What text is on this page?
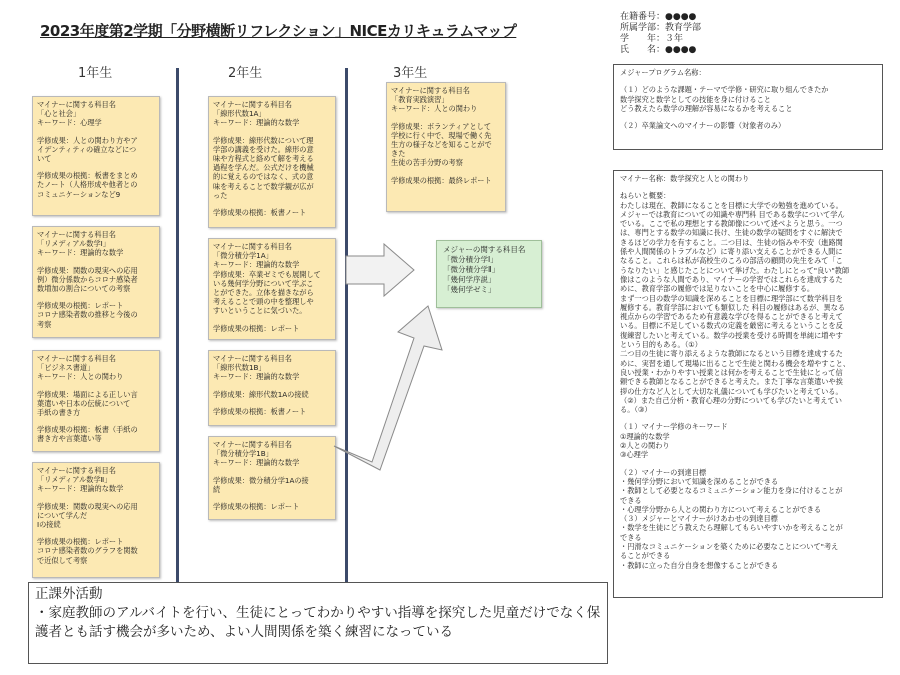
2023年度第2学期「分野横断リフレクション」NICEカリキュラムマップ
在籍番号：●●●●
所属学部：教育学部
学　　年：３年
氏　　名：●●●●
1年生	2年生	3年生
マイナーに関する科目名
「心と社会」
キーワード：心理学
学修成果：人との関わり方やア
イデンティティの確立などにつ
いて
学修成果の根拠：板書をまとめ
たノート（人格形成や他者との
コミュニケーションなど9
マイナーに関する科目名
「リメディアル数学Ⅰ」
キーワード：理論的な数学
学修成果：関数の現実への応用
例）微分係数からコロナ感染者
数増加の割合についての考察
学修成果の根拠：レポート
コロナ感染者数の推移と今後の
考察
マイナーに関する科目名
「ビジネス書道」
キーワード：人との関わり
学修成果：場面による正しい言
葉遣いや日本の伝統について
手紙の書き方
学修成果の根拠：板書（手紙の
書き方や言葉遣い等
マイナーに関する科目名
「リメディアル数学Ⅱ」
キーワード：理論的な数学
学修成果：関数の現実への応用
について学んだ
Ⅰの接続
学修成果の根拠：レポート
コロナ感染者数のグラフを関数
で近似して考察
マイナーに関する科目名
「線形代数1A」
キーワード：理論的な数学
学修成果：線形代数について理
学部の講義を受けた。線形の意
味や方程式と絡めて解を考える
過程を学んだ。公式だけを機械
的に覚えるのではなく、式の意
味を考えることで数学観が広が
った
学修成果の根拠：板書ノート
マイナーに関する科目名
「微分積分学1A」
キーワード：理論的な数学
学修成果：卒業ゼミでも展開して
いる幾何学分野について学ぶこ
とができた。立体を描きながら
考えることで頭の中を整理しや
すいということに気づいた。
学修成果の根拠：レポート
マイナーに関する科目名
「線形代数1B」
キーワード：理論的な数学
学修成果：線形代数1Aの接続
学修成果の根拠：板書ノート
マイナーに関する科目名
「微分積分学1B」
キーワード：理論的な数学
学修成果：微分積分学1Aの接
続
学修成果の根拠：レポート
マイナーに関する科目名
「教育実践演習」
キーワード：人との関わり
学修成果：ボランティアとして
学校に行く中で、現場で働く先
生方の様子などを知ることがで
きた
生徒の苦手分野の考察
学修成果の根拠：最終レポート
メジャーの関する科目名
「微分積分学Ⅰ」
「微分積分学Ⅱ」
「幾何学序説」
「幾何学ゼミ」
メジャープログラム名称：
（１）どのような課題・テーマで学修・研究に取り組んできたか
数学探究と数学としての技能を身に付けること
どう教えたら数学の理解が容易になるかを考えること
（２）卒業論文へのマイナーの影響（対象者のみ）
マイナー名称：数学探究と人との関わり
ねらいと概要：
わたしは現在、教師になることを目標に大学での勉強を進めている。
メジャーでは教育についての知識や専門科 目である数学について学ん
でいる。ここで私の理想とする教師像について述べようと思う。一つ
は、専門とする数学の知識に長け、生徒の数学の疑問をすぐに解決で
きるほどの学力を有すること。二つ目は、生徒の悩みや不安（進路関
係や人間関係のトラブルなど）に寄り添い支えることができる人間に
なること。これらは私が高校生のころの部活の顧問の先生をみて「こ
うなりたい」と感じたことについて挙げた。わたしにとって"良い"教師
像はこのような人間であり、マイナーの学習ではこれらを達成するた
めに、教育学部の履修では足りないことを中心に履修する。
まず一つ目の数学の知識を深めることを目標に理学部にて数学科目を
履修する。教育学部においても類似した 科目の履修はあるが、異なる
視点からの学習であるため有意義な学びを得ることができると考えて
いる。目標に不足している数式の定義を厳密に考えるということを反
復練習したいと考えている。数学の授業を受ける時間を単純に増やす
という目的もある。（①）
二つ目の生徒に寄り添えるような教師になるという目標を達成するた
めに、実習を通して現場に出ることで生徒と関わる機会を増やすこと、
良い授業・わかりやすい授業とは何かを考えることで生徒にとって信
頼できる教師となることができると考えた。また丁寧な言葉遣いや挨
拶の仕方など人として大切な礼儀についても学びたいと考えている。
（②）また自己分析・教育心理の分野についても学びたいと考えてい
る。（③）
（１）マイナー学修のキーワード
①理論的な数学
②人との関わり
③心理学
（２）マイナーの到達目標
・幾何学分野において知識を深めることができる
・教師として必要となるコミュニケーション能力を身に付けることが
できる
・心理学分野から人との関わり方について考えることができる
（３）メジャーとマイナーがけあわせの到達目標
・数学を生徒にどう教えたら理解してもらいやすいかを考えることが
できる
・円滑なコミュニケーションを築くために必要なことについて"考え
ることができる
・教師に立った自分自身を想像することができる
正課外活動
・家庭教師のアルバイトを行い、生徒にとってわかりやすい指導を探究した児童だけでなく保護者とも話す機会が多いため、よい人間関係を築く練習になっている
